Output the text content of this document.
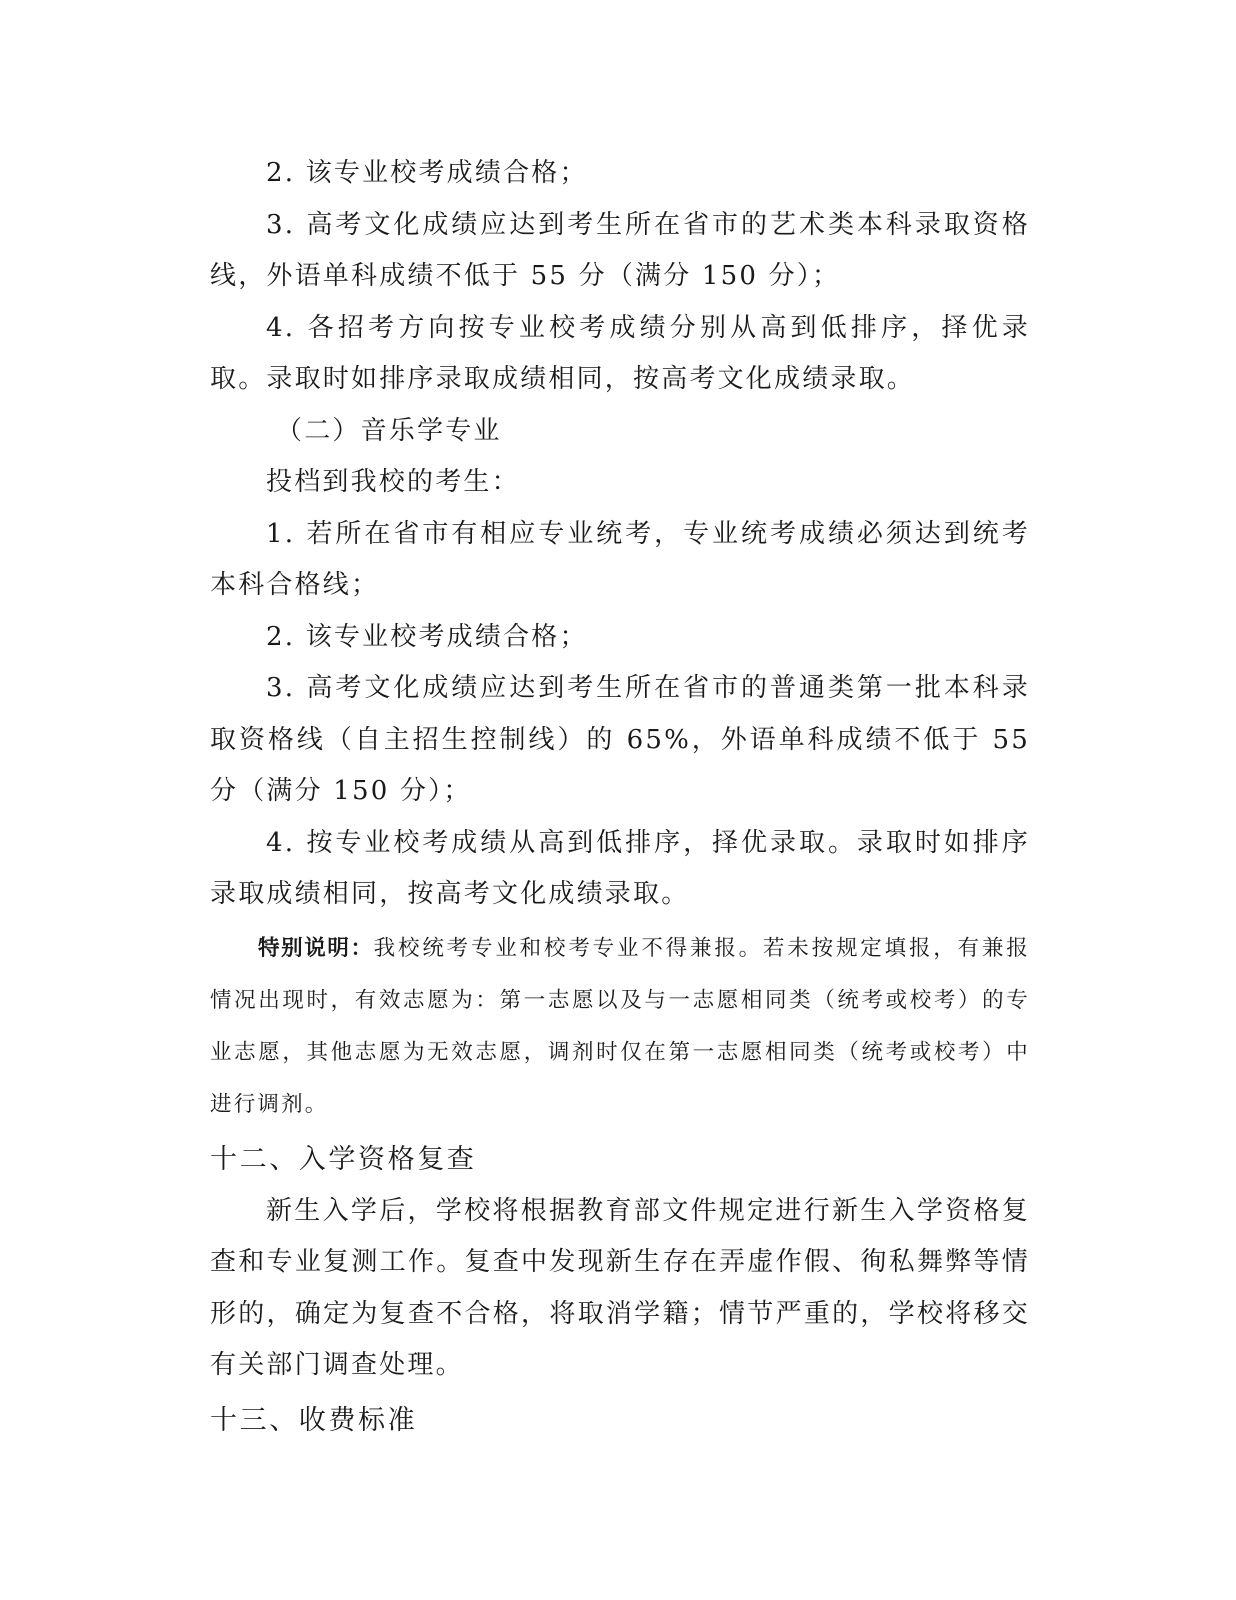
2. 该专业校考成绩合格；

3. 高考文化成绩应达到考生所在省市的艺术类本科录取资格线，外语单科成绩不低于 55 分（满分 150 分）；

4. 各招考方向按专业校考成绩分别从高到低排序，择优录取。录取时如排序录取成绩相同，按高考文化成绩录取。

（二）音乐学专业

投档到我校的考生：

1. 若所在省市有相应专业统考，专业统考成绩必须达到统考本科合格线；

2. 该专业校考成绩合格；

3. 高考文化成绩应达到考生所在省市的普通类第一批本科录取资格线（自主招生控制线）的 65%，外语单科成绩不低于 55 分（满分 150 分）；

4. 按专业校考成绩从高到低排序，择优录取。录取时如排序录取成绩相同，按高考文化成绩录取。

特别说明：我校统考专业和校考专业不得兼报。若未按规定填报，有兼报情况出现时，有效志愿为：第一志愿以及与一志愿相同类（统考或校考）的专业志愿，其他志愿为无效志愿，调剂时仅在第一志愿相同类（统考或校考）中进行调剂。

十二、入学资格复查

新生入学后，学校将根据教育部文件规定进行新生入学资格复查和专业复测工作。复查中发现新生存在弄虚作假、徇私舞弊等情形的，确定为复查不合格，将取消学籍；情节严重的，学校将移交有关部门调查处理。

十三、收费标准
